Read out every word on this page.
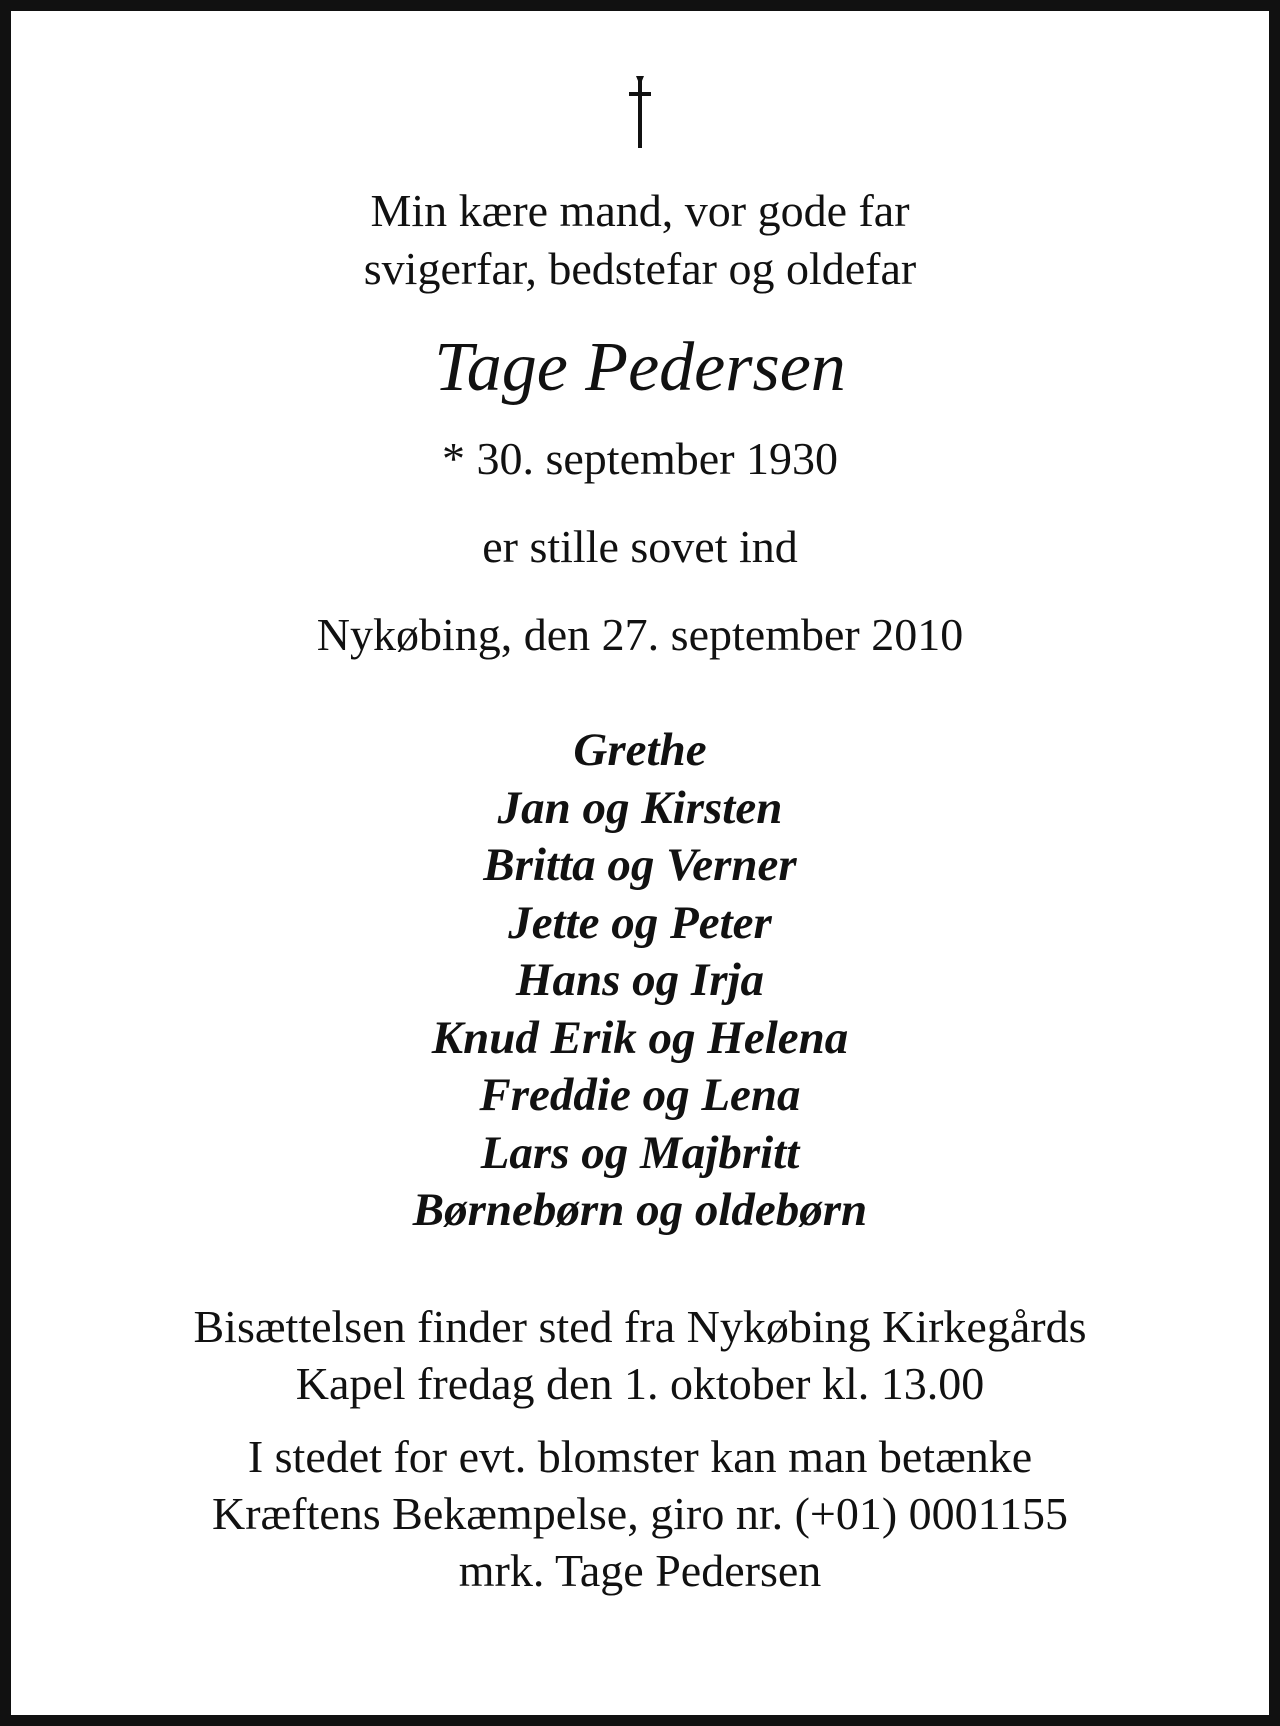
Min kære mand, vor gode far
svigerfar, bedstefar og oldefar
Tage Pedersen
* 30. september 1930
er stille sovet ind
Nykøbing, den 27. september 2010
Grethe
Jan og Kirsten
Britta og Verner
Jette og Peter
Hans og Irja
Knud Erik og Helena
Freddie og Lena
Lars og Majbritt
Børnebørn og oldebørn
Bisættelsen finder sted fra Nykøbing Kirkegårds
Kapel fredag den 1. oktober kl. 13.00
I stedet for evt. blomster kan man betænke
Kræftens Bekæmpelse, giro nr. (+01) 0001155
mrk. Tage Pedersen
